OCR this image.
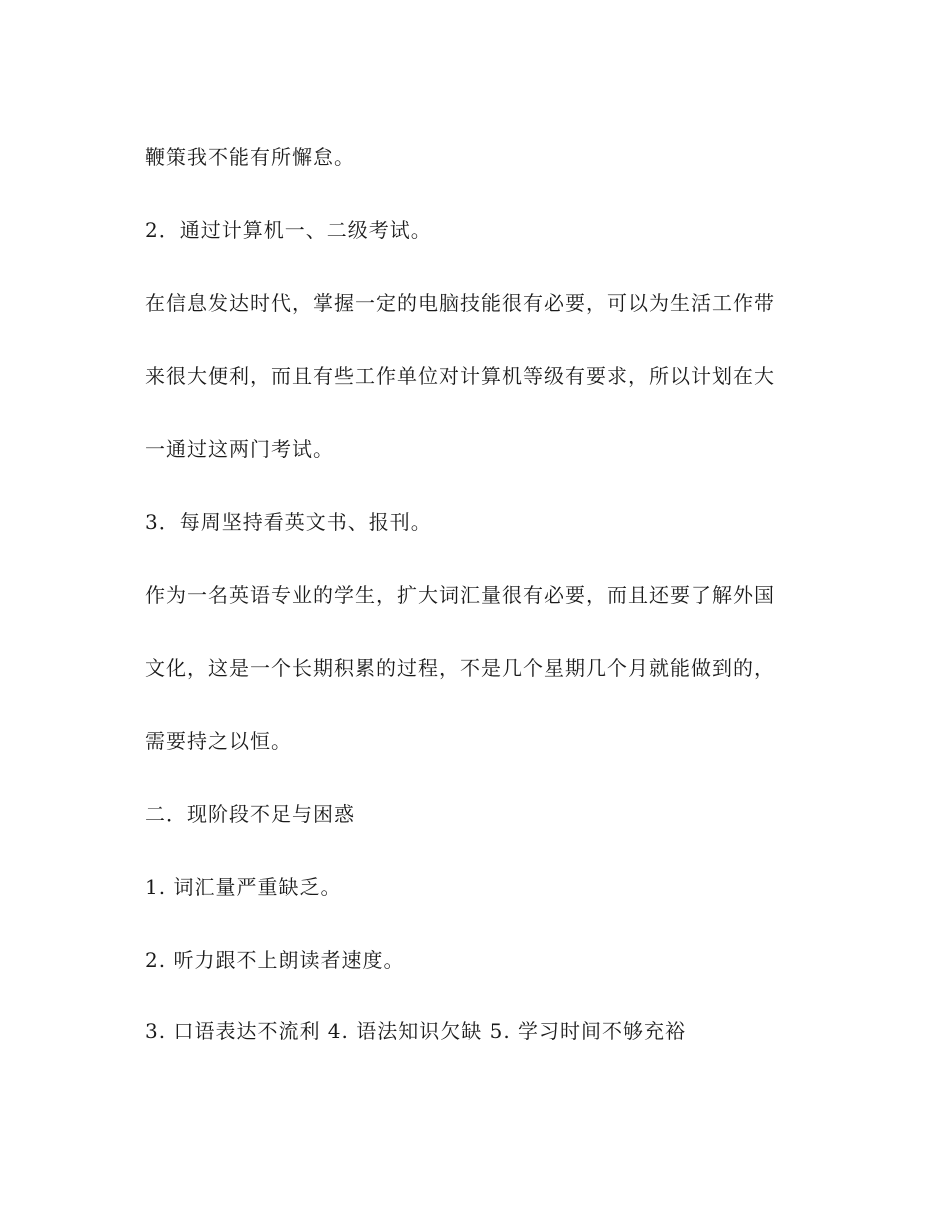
鞭策我不能有所懈怠。

2．通过计算机一、二级考试。

在信息发达时代，掌握一定的电脑技能很有必要，可以为生活工作带

来很大便利，而且有些工作单位对计算机等级有要求，所以计划在大

一通过这两门考试。

3．每周坚持看英文书、报刊。

作为一名英语专业的学生，扩大词汇量很有必要，而且还要了解外国

文化，这是一个长期积累的过程，不是几个星期几个月就能做到的，

需要持之以恒。

二．现阶段不足与困惑

1. 词汇量严重缺乏。

2. 听力跟不上朗读者速度。

3. 口语表达不流利 4. 语法知识欠缺 5. 学习时间不够充裕
